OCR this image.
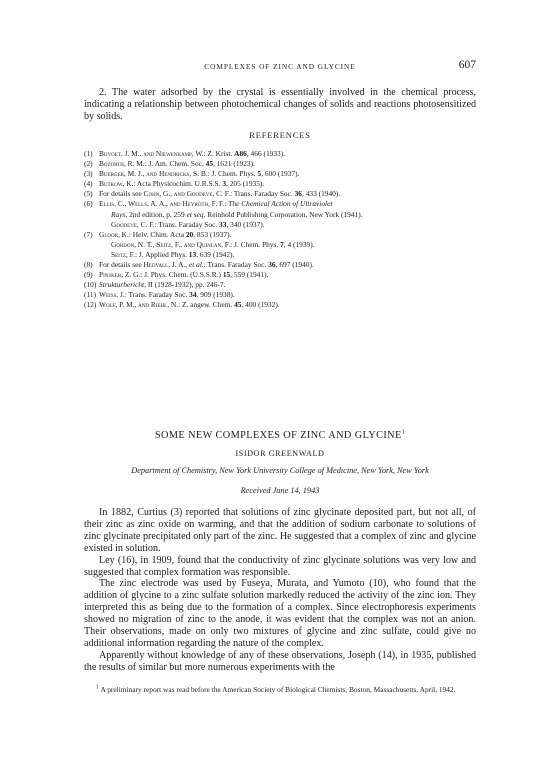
COMPLEXES OF ZINC AND GLYCINE	607

2. The water adsorbed by the crystal is essentially involved in the chemical process, indicating a relationship between photochemical changes of solids and reactions photosensitized by solids.

REFERENCES
(1) Bijvoet, J. M., and Niewenkamp, W.: Z. Krist. A86, 466 (1933).
(2) Bozorth, R. M.: J. Am. Chem. Soc. 45, 1621 (1923).
(3) Buerger, M. J., and Hendricks, S. B.: J. Chem. Phys. 5, 600 (1937).
(4) Butkow, K.: Acta Physicochim. U.R.S.S. 3, 205 (1935).
(5) For details see Cohn, G., and Goodeve, C. F.: Trans. Faraday Soc. 36, 433 (1940).
(6) Ellis, C., Wells, A. A., and Heyroth, F. F.: The Chemical Action of Ultraviolet
Rays, 2nd edition, p. 259 et seq. Reinhold Publishing Corporation, New York (1941).
Goodeve, C. F.: Trans. Faraday Soc. 33, 340 (1937).
(7) Gloor, K.: Helv. Chim. Acta 20, 853 (1937).
Gordon, N. T., Seitz, F., and Quinlan, F.: J. Chem. Phys. 7, 4 (1939).
Seitz, F.: J. Applied Phys. 13, 639 (1942).
(8) For details see Hedvall, J. A., et al.: Trans. Faraday Soc. 36, 697 (1940).
(9) Pinsker, Z. G.: J. Phys. Chem. (U.S.S.R.) 15, 559 (1941).
(10) Strukturbericht, II (1928-1932), pp. 246-7.
(11) Weiss, J.: Trans. Faraday Soc. 34, 909 (1938).
(12) Wolf, P. M., and Riehl, N.: Z. angew. Chem. 45, 400 (1932).
SOME NEW COMPLEXES OF ZINC AND GLYCINE$^1$
ISIDOR GREENWALD
Department of Chemistry, New York University College of Medicine, New York, New York
Received June 14, 1943

In 1882, Curtius (3) reported that solutions of zinc glycinate deposited part, but not all, of their zinc as zinc oxide on warming, and that the addition of sodium carbonate to solutions of zinc glycinate precipitated only part of the zinc. He suggested that a complex of zinc and glycine existed in solution.

Ley (16), in 1909, found that the conductivity of zinc glycinate solutions was very low and suggested that complex formation was responsible.

The zinc electrode was used by Fuseya, Murata, and Yumoto (10), who found that the addition of glycine to a zinc sulfate solution markedly reduced the activity of the zinc ion. They interpreted this as being due to the formation of a complex. Since electrophoresis experiments showed no migration of zinc to the anode, it was evident that the complex was not an anion. Their observations, made on only two mixtures of glycine and zinc sulfate, could give no additional information regarding the nature of the complex.

Apparently without knowledge of any of these observations, Joseph (14), in 1935, published the results of similar but more numerous experiments with the

$^1$ A preliminary report was read before the American Society of Biological Chemists, Boston, Massachusetts, April, 1942.
